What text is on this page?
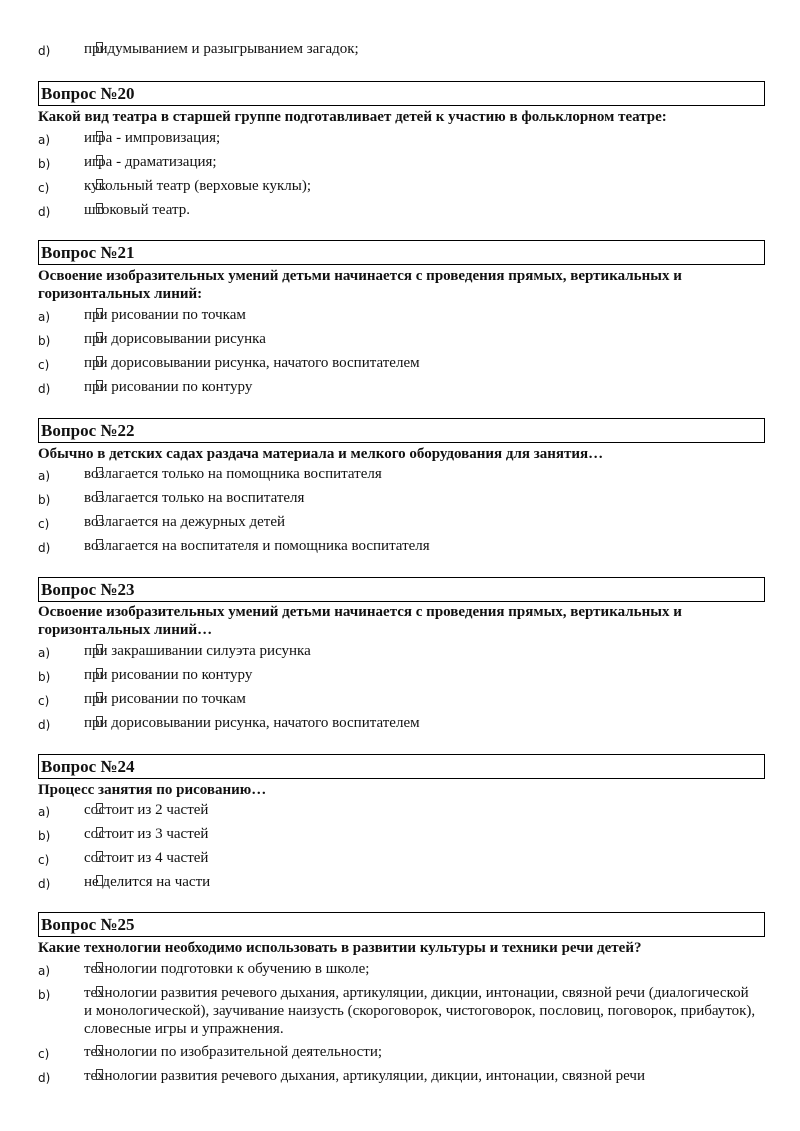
d)	придумыванием и разыгрыванием загадок;
Вопрос №20
Какой вид театра в старшей группе подготавливает детей к участию в фольклорном театре:
a)	игра - импровизация;
b)	игра - драматизация;
c)	кукольный театр (верховые куклы);
d)	штоковый театр.
Вопрос №21
Освоение изобразительных умений детьми начинается с проведения прямых, вертикальных и горизонтальных линий:
a)	при рисовании по точкам
b)	при дорисовывании рисунка
c)	при дорисовывании рисунка, начатого воспитателем
d)	при рисовании по контуру
Вопрос №22
Обычно в детских садах раздача материала и мелкого оборудования для занятия…
a)	возлагается только на помощника воспитателя
b)	возлагается только на воспитателя
c)	возлагается на дежурных детей
d)	возлагается на воспитателя и помощника воспитателя
Вопрос №23
Освоение изобразительных умений детьми начинается с проведения прямых, вертикальных и горизонтальных линий…
a)	при закрашивании силуэта рисунка
b)	при рисовании по контуру
c)	при рисовании по точкам
d)	при дорисовывании рисунка, начатого воспитателем
Вопрос №24
Процесс занятия по рисованию…
a)	состоит из 2 частей
b)	состоит из 3 частей
c)	состоит из 4 частей
d)	не делится на части
Вопрос №25
Какие технологии необходимо использовать в развитии культуры и техники речи детей?
a)	технологии подготовки к обучению в школе;
b)	технологии развития речевого дыхания, артикуляции, дикции, интонации, связной речи (диалогической и монологической), заучивание наизусть (скороговорок, чистоговорок, пословиц, поговорок, прибауток), словесные игры и упражнения.
c)	технологии по изобразительной деятельности;
d)	технологии развития речевого дыхания, артикуляции, дикции, интонации, связной речи
